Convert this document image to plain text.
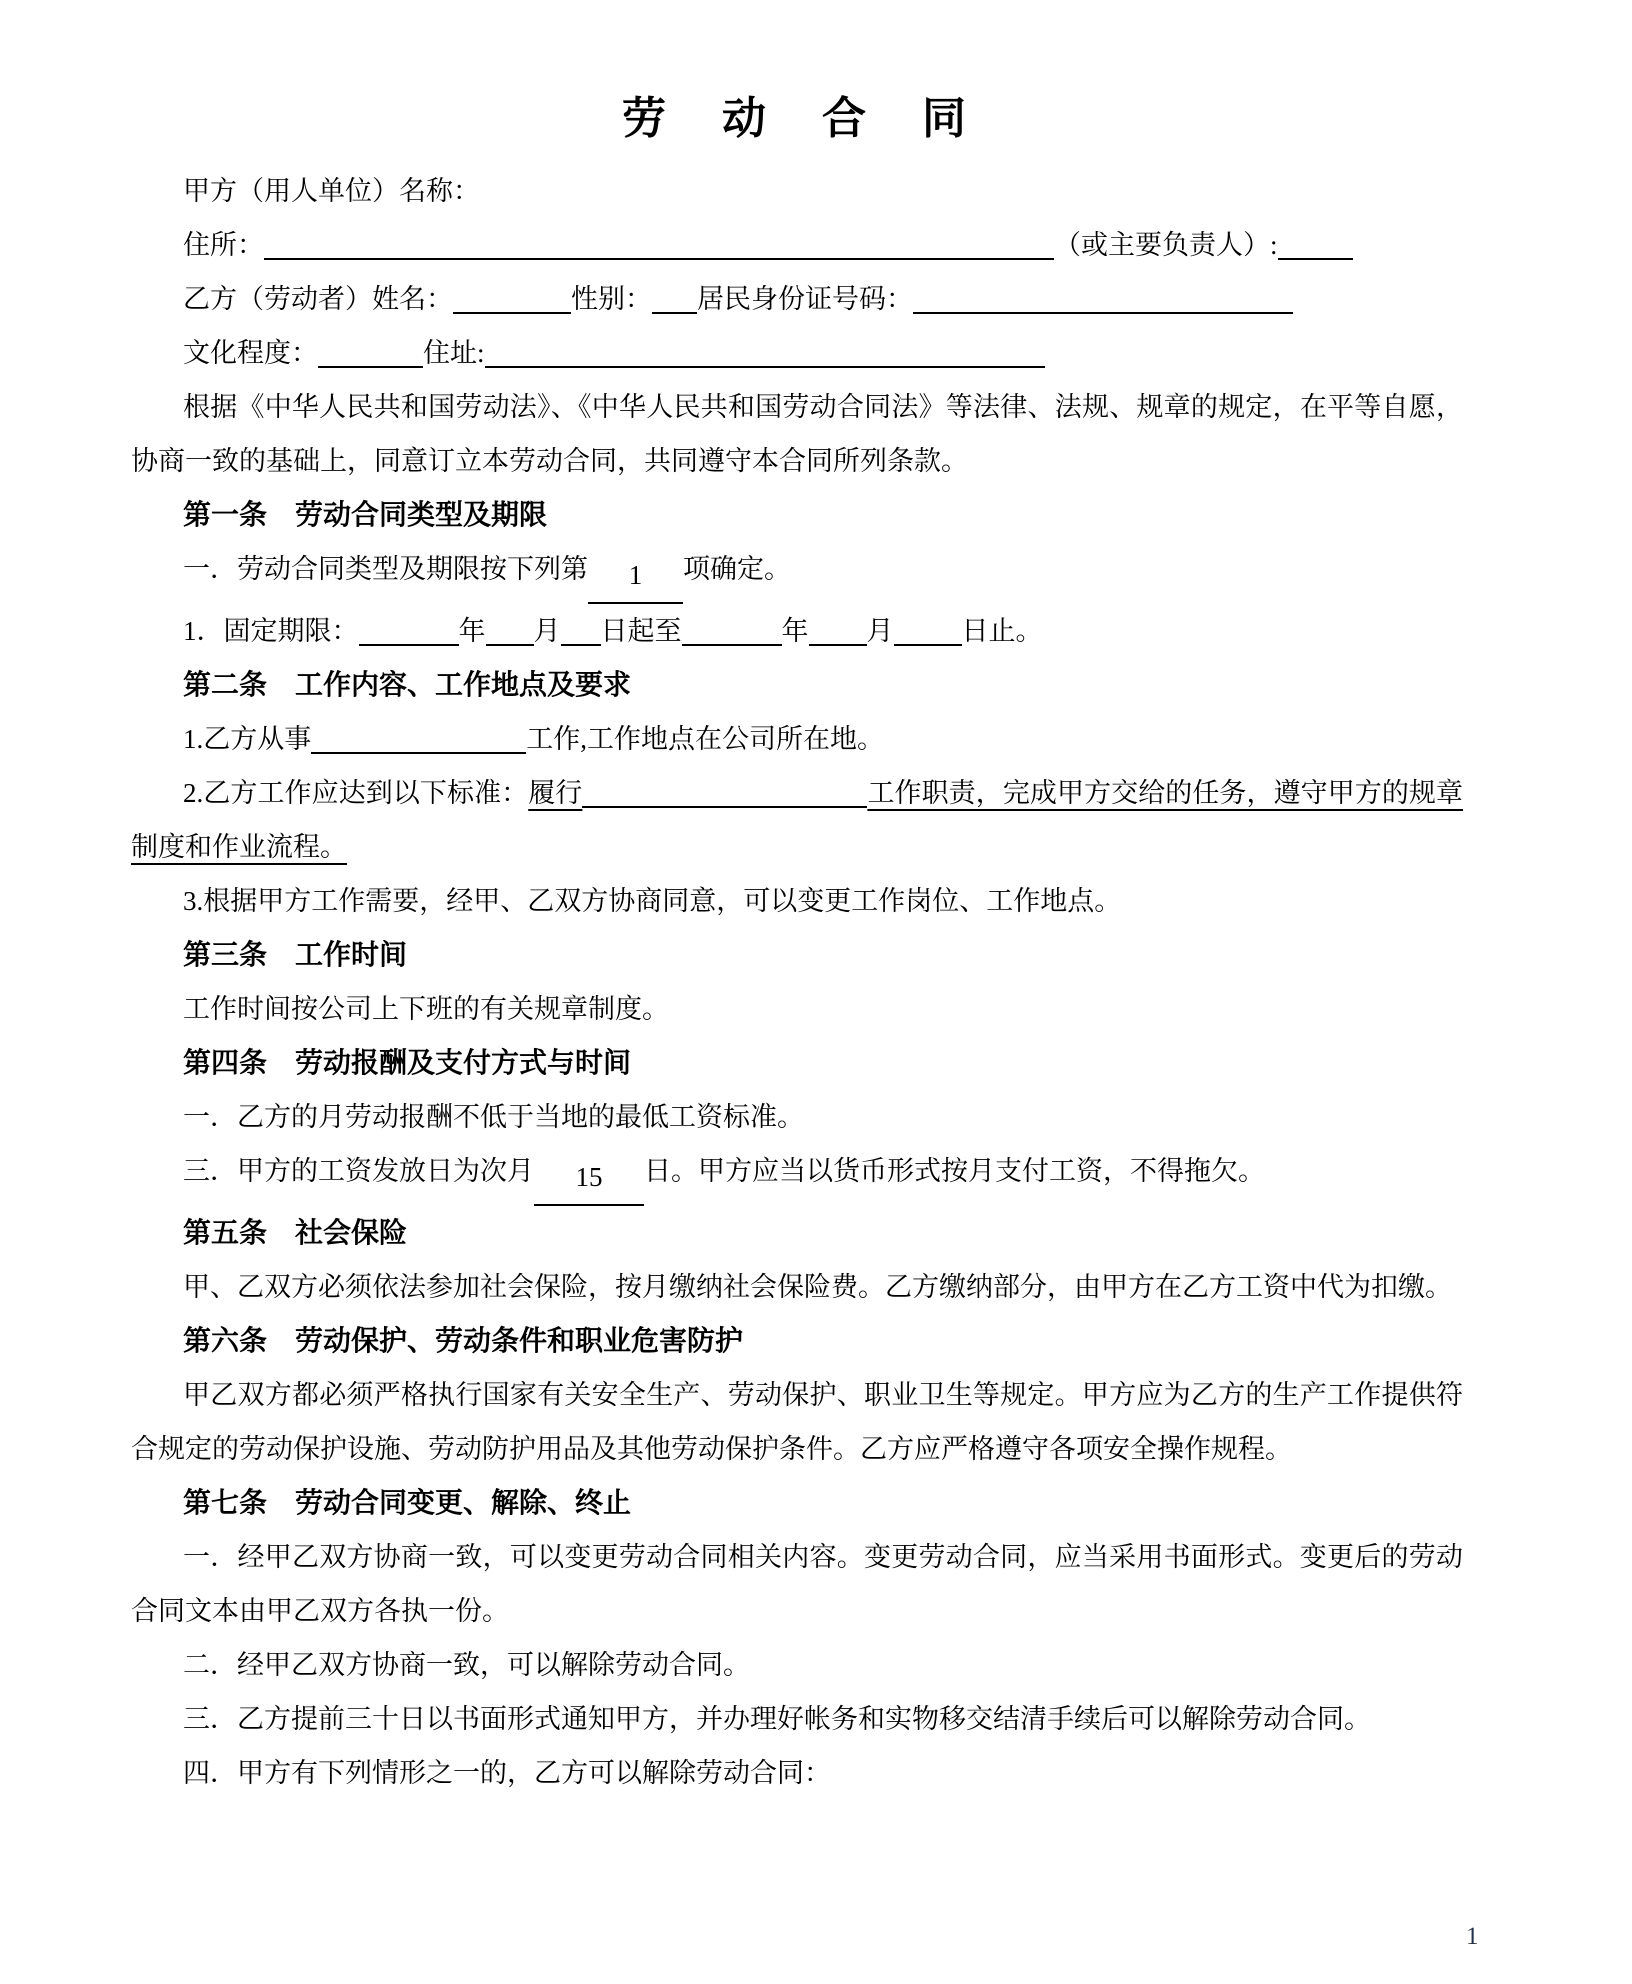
劳　动　合　同

甲方（用人单位）名称：

住所：	（或主要负责人）:

乙方（劳动者）姓名：	性别： 居民身份证号码：

文化程度：	住址:

根据《中华人民共和国劳动法》、《中华人民共和国劳动合同法》等法律、法规、规章的规定，在平等自愿，协商一致的基础上，同意订立本劳动合同，共同遵守本合同所列条款。

第一条　劳动合同类型及期限

一．劳动合同类型及期限按下列第 1 项确定。

1．固定期限：	年 月 日起至	年 月	日止。

第二条　工作内容、工作地点及要求

1.乙方从事	工作,工作地点在公司所在地。

2.乙方工作应达到以下标准：履行	工作职责，完成甲方交给的任务，遵守甲方的规章制度和作业流程。

3.根据甲方工作需要，经甲、乙双方协商同意，可以变更工作岗位、工作地点。

第三条　工作时间

工作时间按公司上下班的有关规章制度。

第四条　劳动报酬及支付方式与时间

一．乙方的月劳动报酬不低于当地的最低工资标准。

三．甲方的工资发放日为次月 15 日。甲方应当以货币形式按月支付工资，不得拖欠。

第五条　社会保险

甲、乙双方必须依法参加社会保险，按月缴纳社会保险费。乙方缴纳部分，由甲方在乙方工资中代为扣缴。

第六条　劳动保护、劳动条件和职业危害防护

甲乙双方都必须严格执行国家有关安全生产、劳动保护、职业卫生等规定。甲方应为乙方的生产工作提供符合规定的劳动保护设施、劳动防护用品及其他劳动保护条件。乙方应严格遵守各项安全操作规程。

第七条　劳动合同变更、解除、终止

一．经甲乙双方协商一致，可以变更劳动合同相关内容。变更劳动合同，应当采用书面形式。变更后的劳动合同文本由甲乙双方各执一份。

二．经甲乙双方协商一致，可以解除劳动合同。

三．乙方提前三十日以书面形式通知甲方，并办理好帐务和实物移交结清手续后可以解除劳动合同。

四．甲方有下列情形之一的，乙方可以解除劳动合同：

1
